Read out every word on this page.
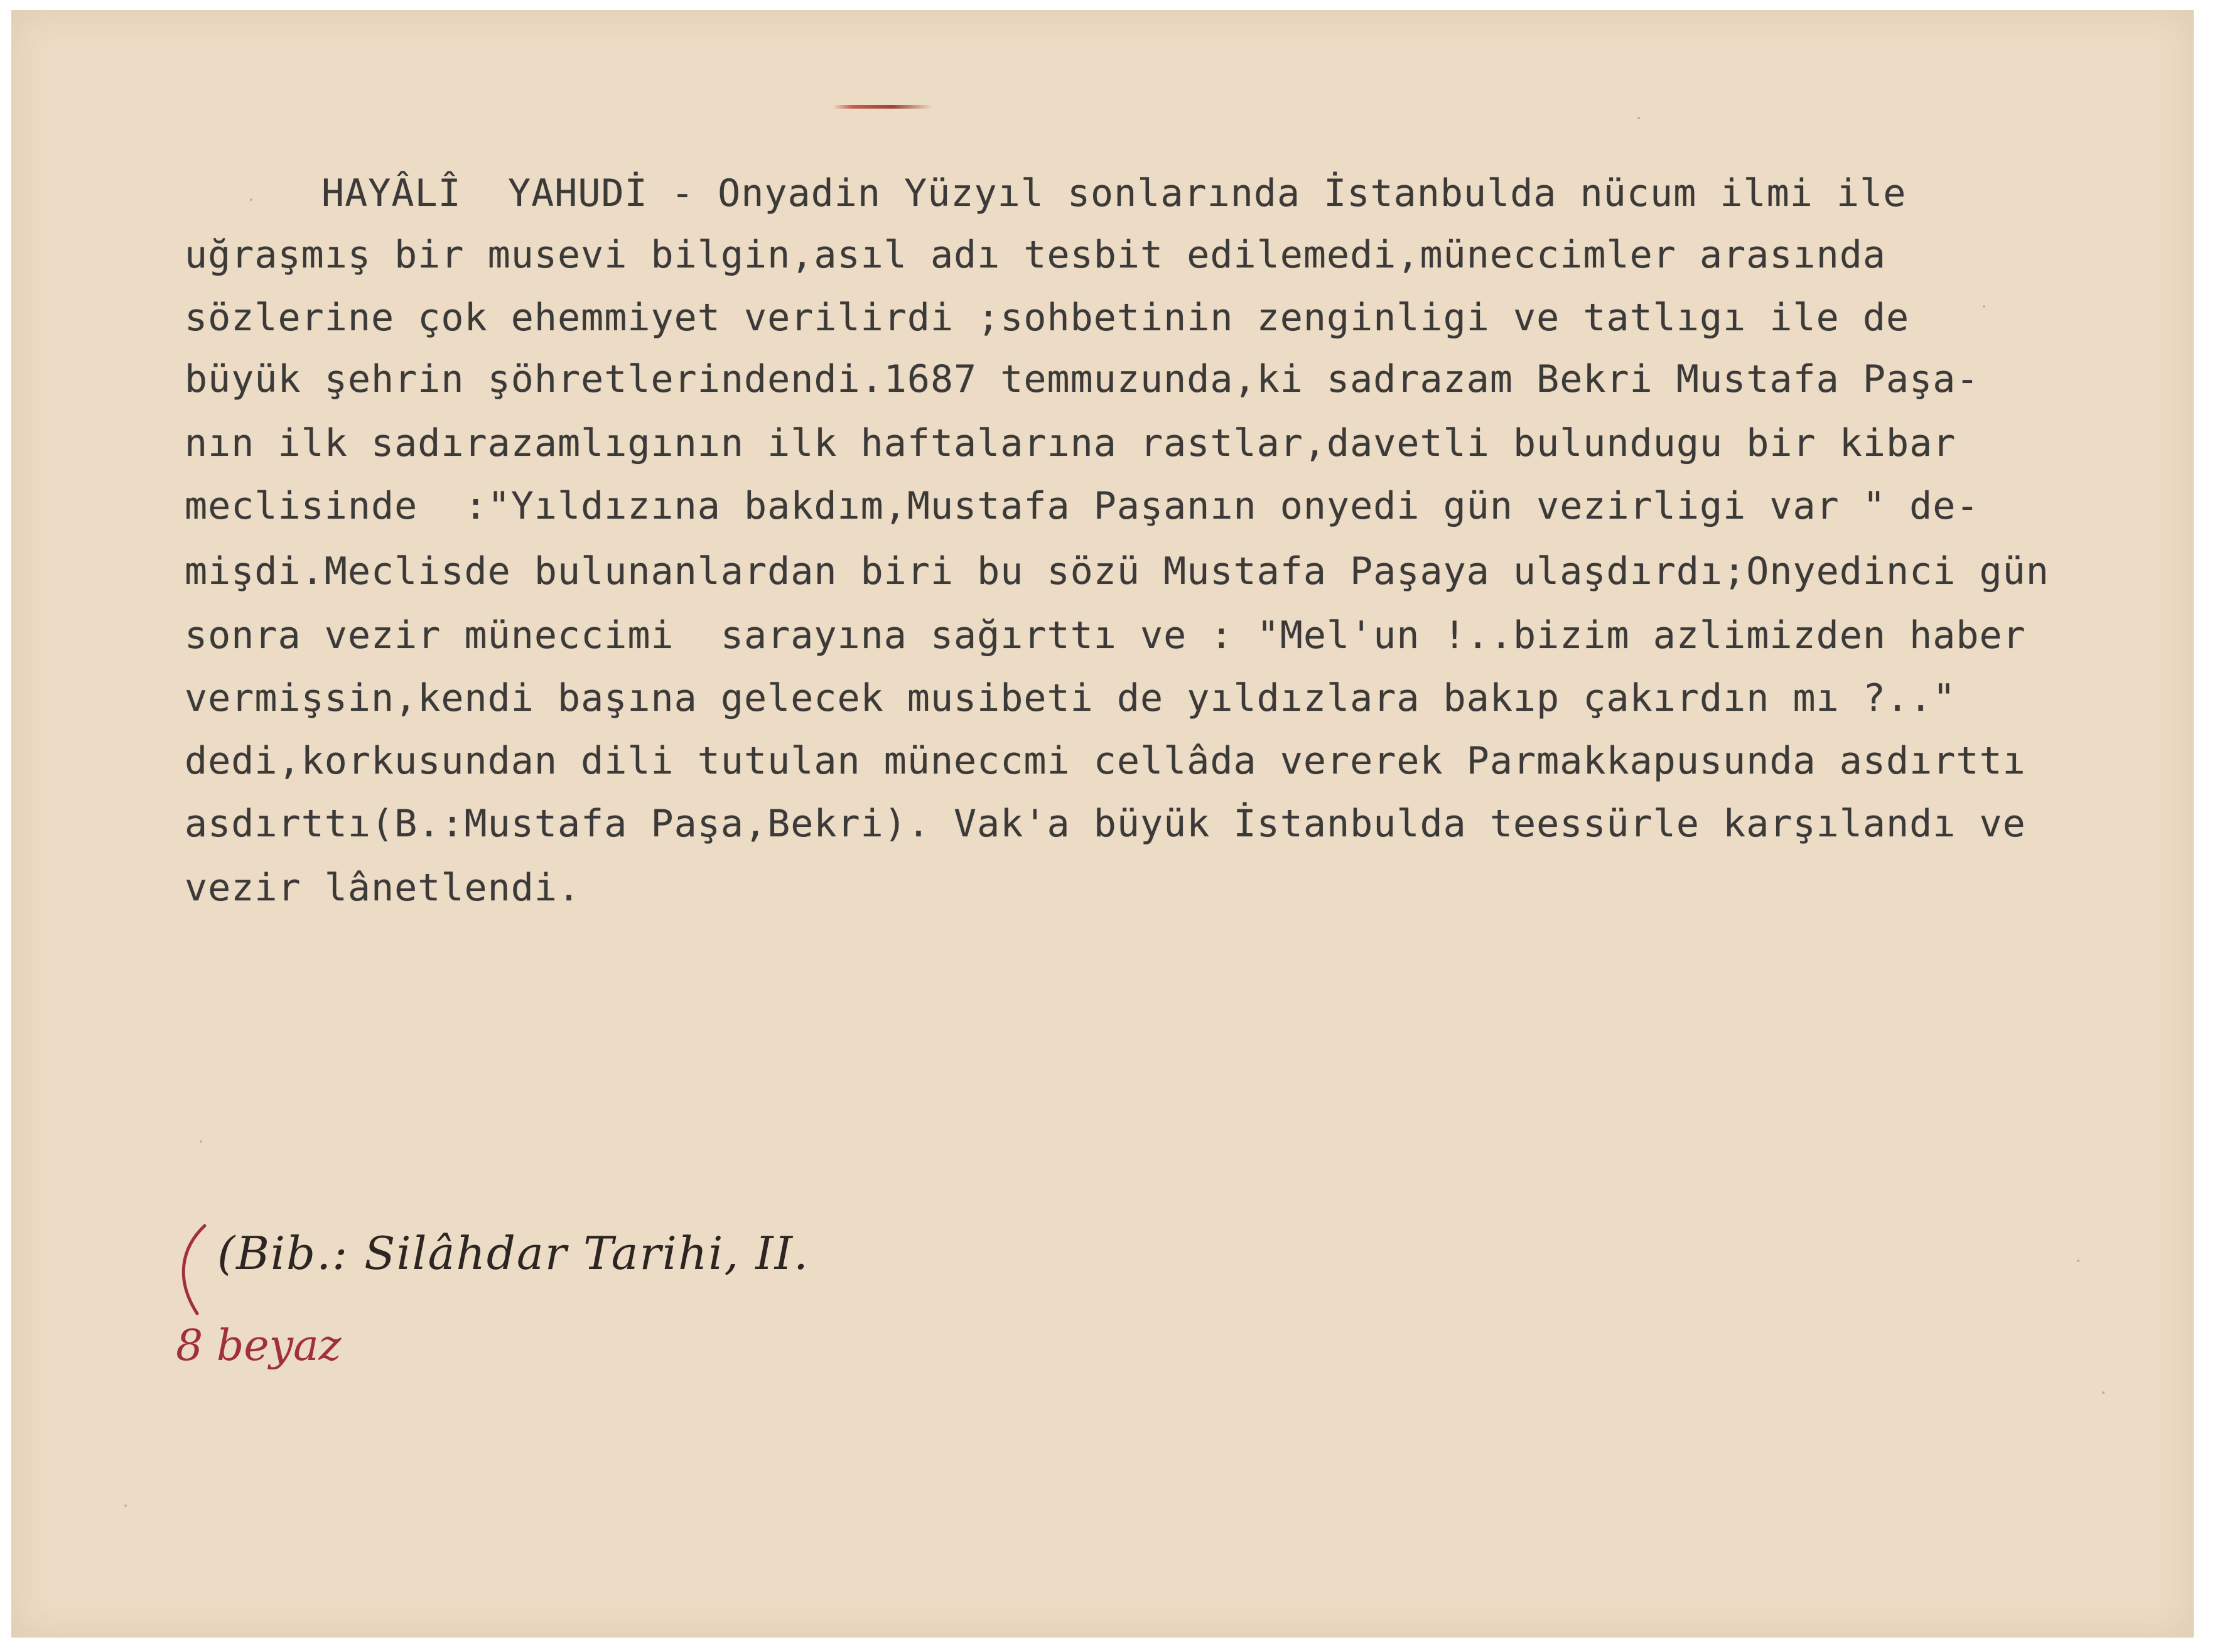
HAYÂLÎ  YAHUDİ - Onyadin Yüzyıl sonlarında İstanbulda nücum ilmi ile
uğraşmış bir musevi bilgin,asıl adı tesbit edilemedi,müneccimler arasında
sözlerine çok ehemmiyet verilirdi ;sohbetinin zenginligi ve tatlıgı ile de
büyük şehrin şöhretlerindendi.1687 temmuzunda,ki sadrazam Bekri Mustafa Paşa-
nın ilk sadırazamlıgının ilk haftalarına rastlar,davetli bulundugu bir kibar
meclisinde  :"Yıldızına bakdım,Mustafa Paşanın onyedi gün vezirligi var " de-
mişdi.Meclisde bulunanlardan biri bu sözü Mustafa Paşaya ulaşdırdı;Onyedinci gün
sonra vezir müneccimi  sarayına sağırttı ve : "Mel'un !..bizim azlimizden haber
vermişsin,kendi başına gelecek musibeti de yıldızlara bakıp çakırdın mı ?.."
dedi,korkusundan dili tutulan müneccmi cellâda vererek Parmakkapusunda asdırttı
asdırttı(B.:Mustafa Paşa,Bekri). Vak'a büyük İstanbulda teessürle karşılandı ve
vezir lânetlendi.
(Bib.: Silâhdar Tarihi, II.
8 beyaz
